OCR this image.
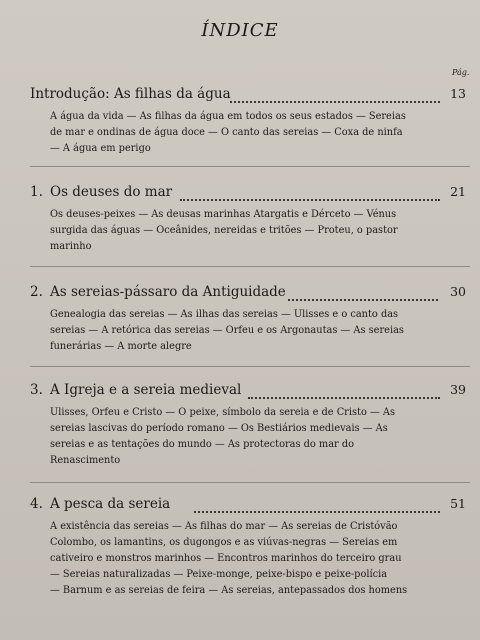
ÍNDICE
Pág.
Introdução: As filhas da água	13
A água da vida — As filhas da água em todos os seus estados — Sereias
de mar e ondinas de água doce — O canto das sereias — Coxa de ninfa
— A água em perigo
1. Os deuses do mar	21
Os deuses-peixes — As deusas marinhas Atargatis e Dérceto — Vénus
surgida das águas — Oceânides, nereidas e tritões — Proteu, o pastor
marinho
2. As sereias-pássaro da Antiguidade	30
Genealogia das sereias — As ilhas das sereias — Ulisses e o canto das
sereias — A retórica das sereias — Orfeu e os Argonautas — As sereias
funerárias — A morte alegre
3. A Igreja e a sereia medieval	39
Ulisses, Orfeu e Cristo — O peixe, símbolo da sereia e de Cristo — As
sereias lascivas do período romano — Os Bestiários medievais — As
sereias e as tentações do mundo — As protectoras do mar do
Renascimento
4. A pesca da sereia	51
A existência das sereias — As filhas do mar — As sereias de Cristóvão
Colombo, os lamantins, os dugongos e as viúvas-negras — Sereias em
cativeiro e monstros marinhos — Encontros marinhos do terceiro grau
— Sereias naturalizadas — Peixe-monge, peixe-bispo e peixe-polícia
— Barnum e as sereias de feira — As sereias, antepassados dos homens
